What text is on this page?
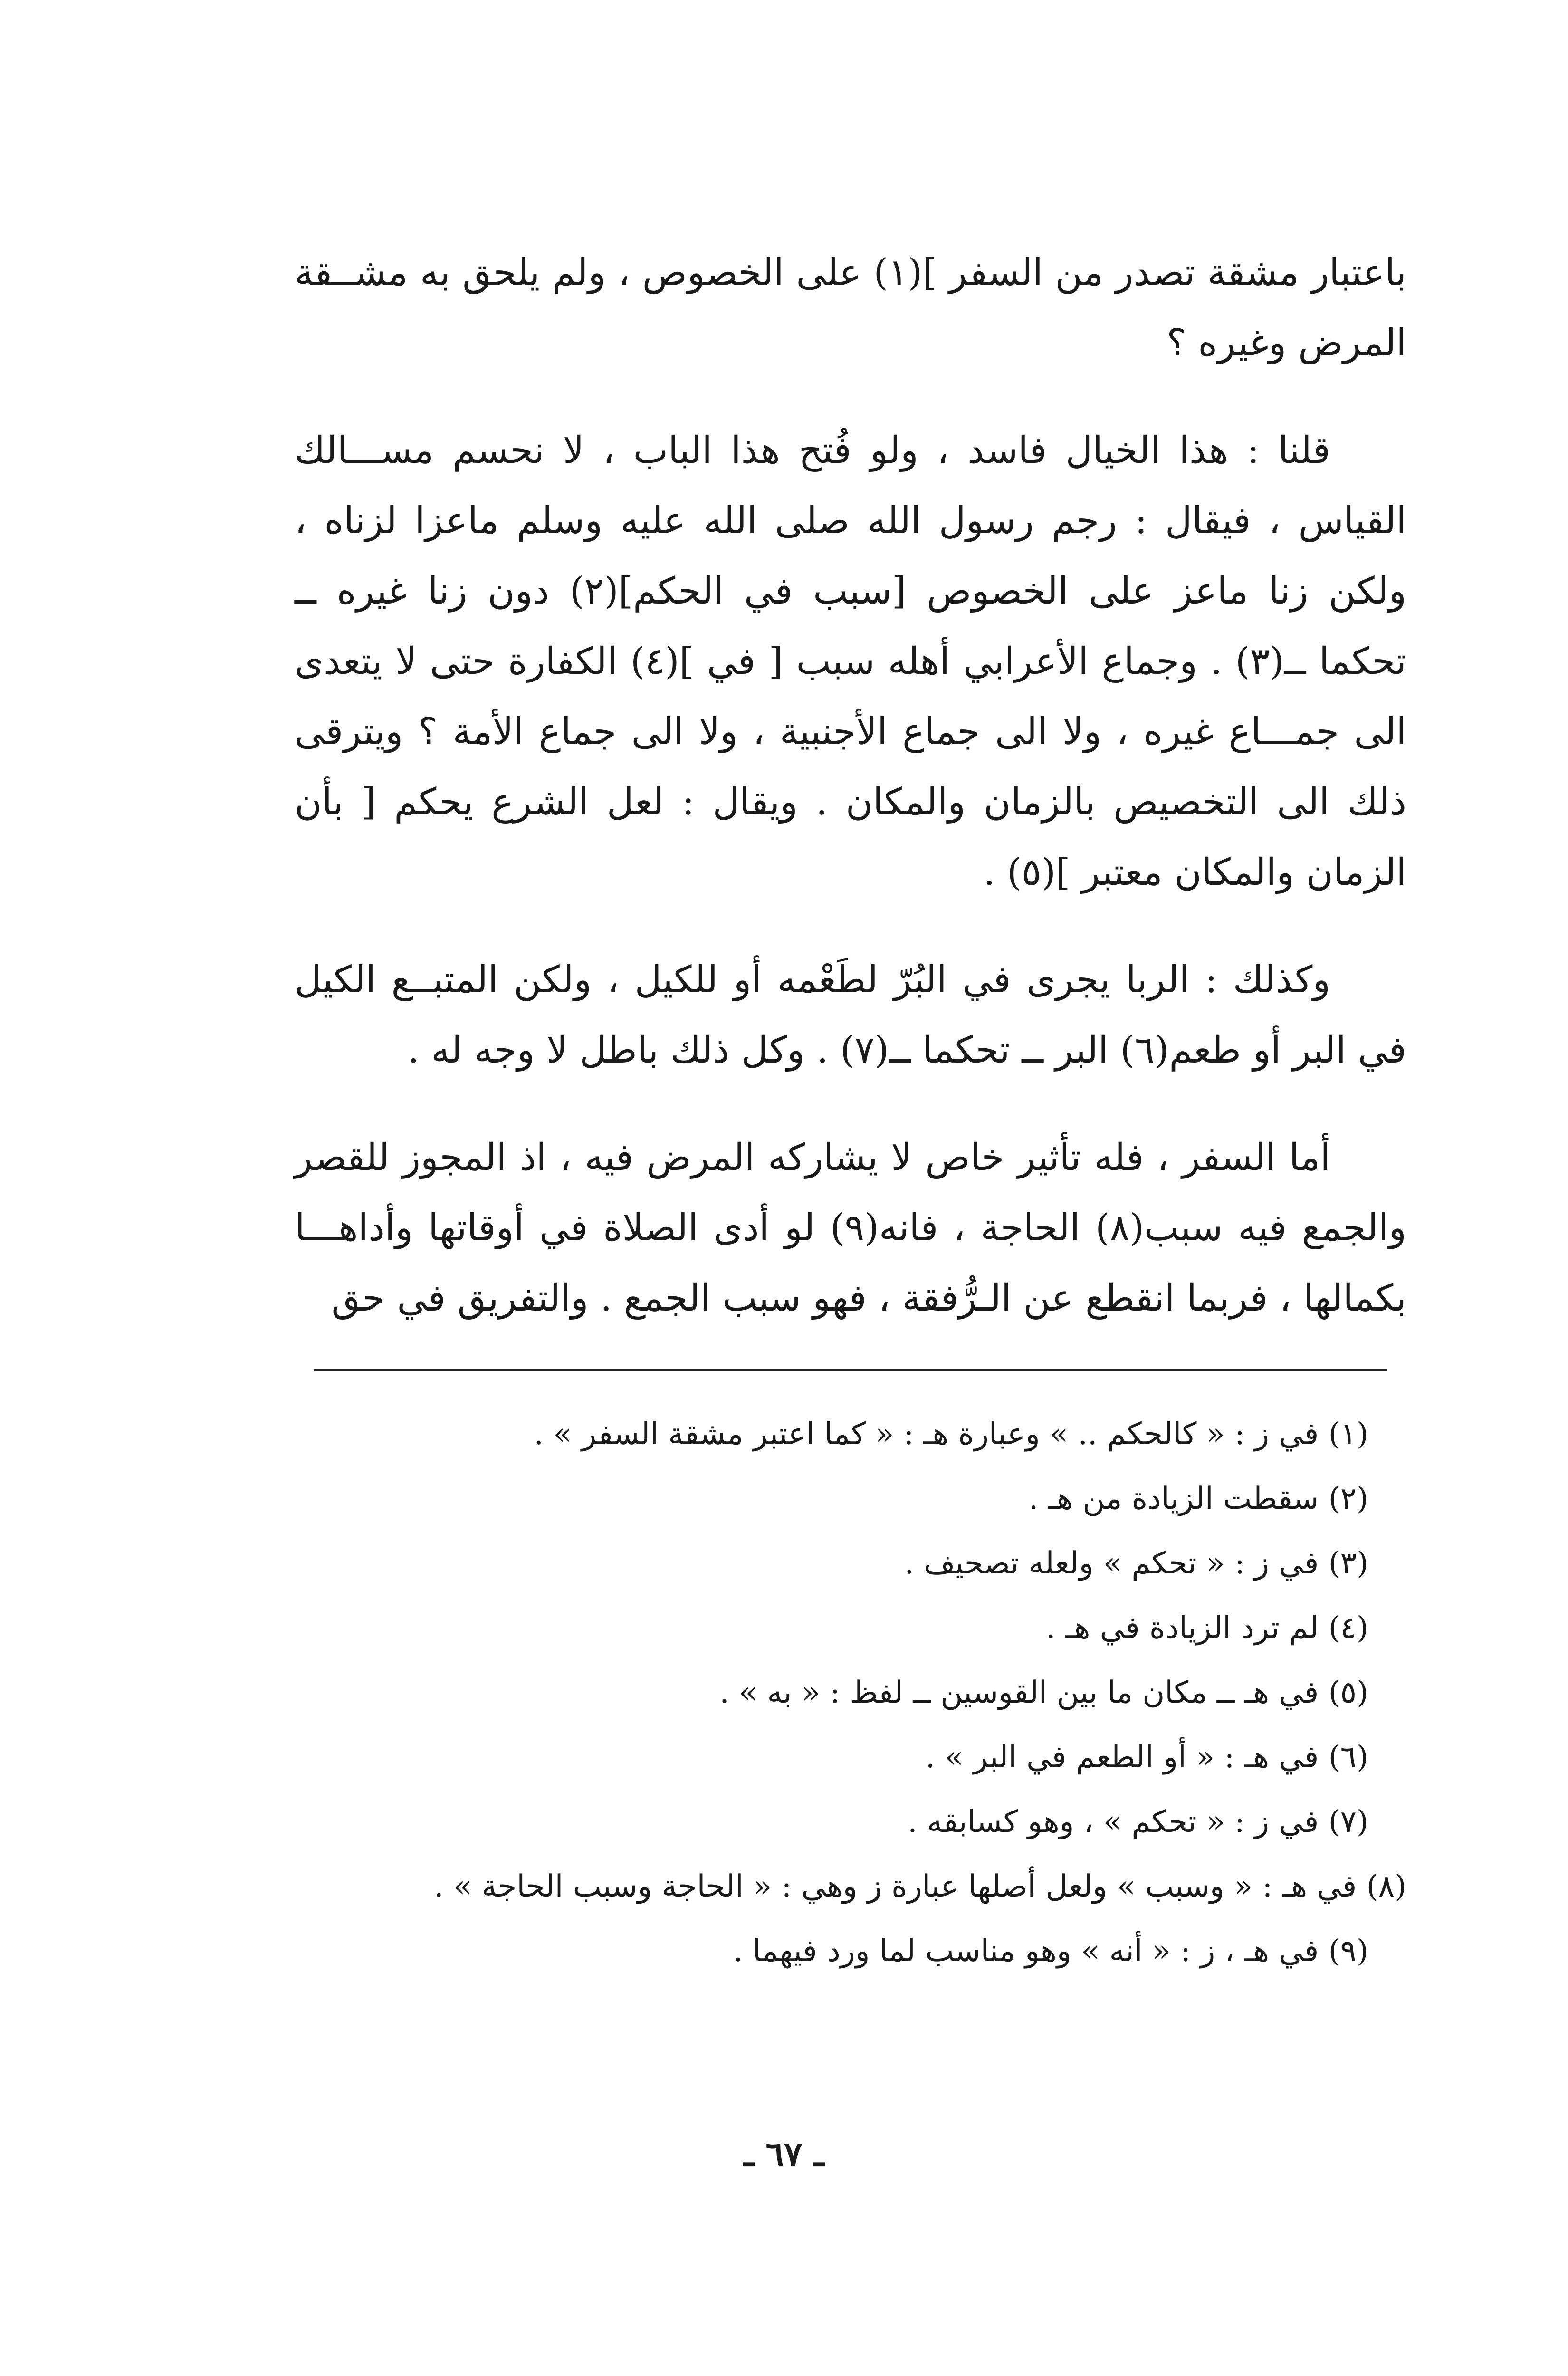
باعتبار مشقة تصدر من السفر ](١) على الخصوص ، ولم يلحق به مشــقة المرض وغيره ؟

قلنا : هذا الخيال فاسد ، ولو فُتح هذا الباب ، لا نحسم مســـالك القياس ، فيقال : رجم رسول الله صلى الله عليه وسلم ماعزا لزناه ، ولكن زنا ماعز على الخصوص [سبب في الحكم](٢) دون زنا غيره ــ تحكما ــ(٣) . وجماع الأعرابي أهله سبب [ في ](٤) الكفارة حتى لا يتعدى الى جمـــاع غيره ، ولا الى جماع الأجنبية ، ولا الى جماع الأمة ؟ ويترقى ذلك الى التخصيص بالزمان والمكان . ويقال : لعل الشرع يحكم [ بأن الزمان والمكان معتبر ](٥) .

وكذلك : الربا يجرى في البُرّ لطَعْمه أو للكيل ، ولكن المتبــع الكيل في البر أو طعم(٦) البر ــ تحكما ــ(٧) . وكل ذلك باطل لا وجه له .

أما السفر ، فله تأثير خاص لا يشاركه المرض فيه ، اذ المجوز للقصر والجمع فيه سبب(٨) الحاجة ، فانه(٩) لو أدى الصلاة في أوقاتها وأداهـــا بكمالها ، فربما انقطع عن الـرُّفقة ، فهو سبب الجمع . والتفريق في حق

(١) في ز : « كالحكم .. » وعبارة هـ : « كما اعتبر مشقة السفر » .

(٢) سقطت الزيادة من هـ .

(٣) في ز : « تحكم » ولعله تصحيف .

(٤) لم ترد الزيادة في هـ .

(٥) في هـ ــ مكان ما بين القوسين ــ لفظ : « به » .

(٦) في هـ : « أو الطعم في البر » .

(٧) في ز : « تحكم » ، وهو كسابقه .

(٨) في هـ : « وسبب » ولعل أصلها عبارة ز وهي : « الحاجة وسبب الحاجة » .

(٩) في هـ ، ز : « أنه » وهو مناسب لما ورد فيهما .

ـ ٦٧ ـ
